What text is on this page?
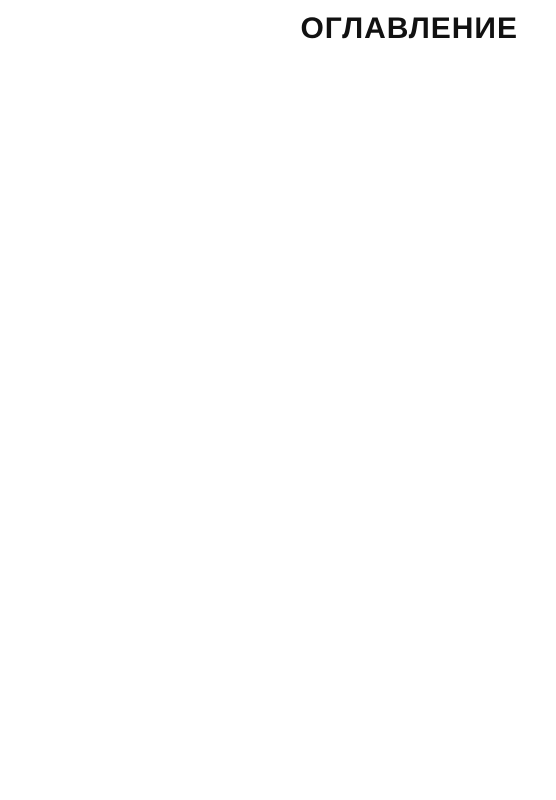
ОГЛАВЛЕНИЕ
